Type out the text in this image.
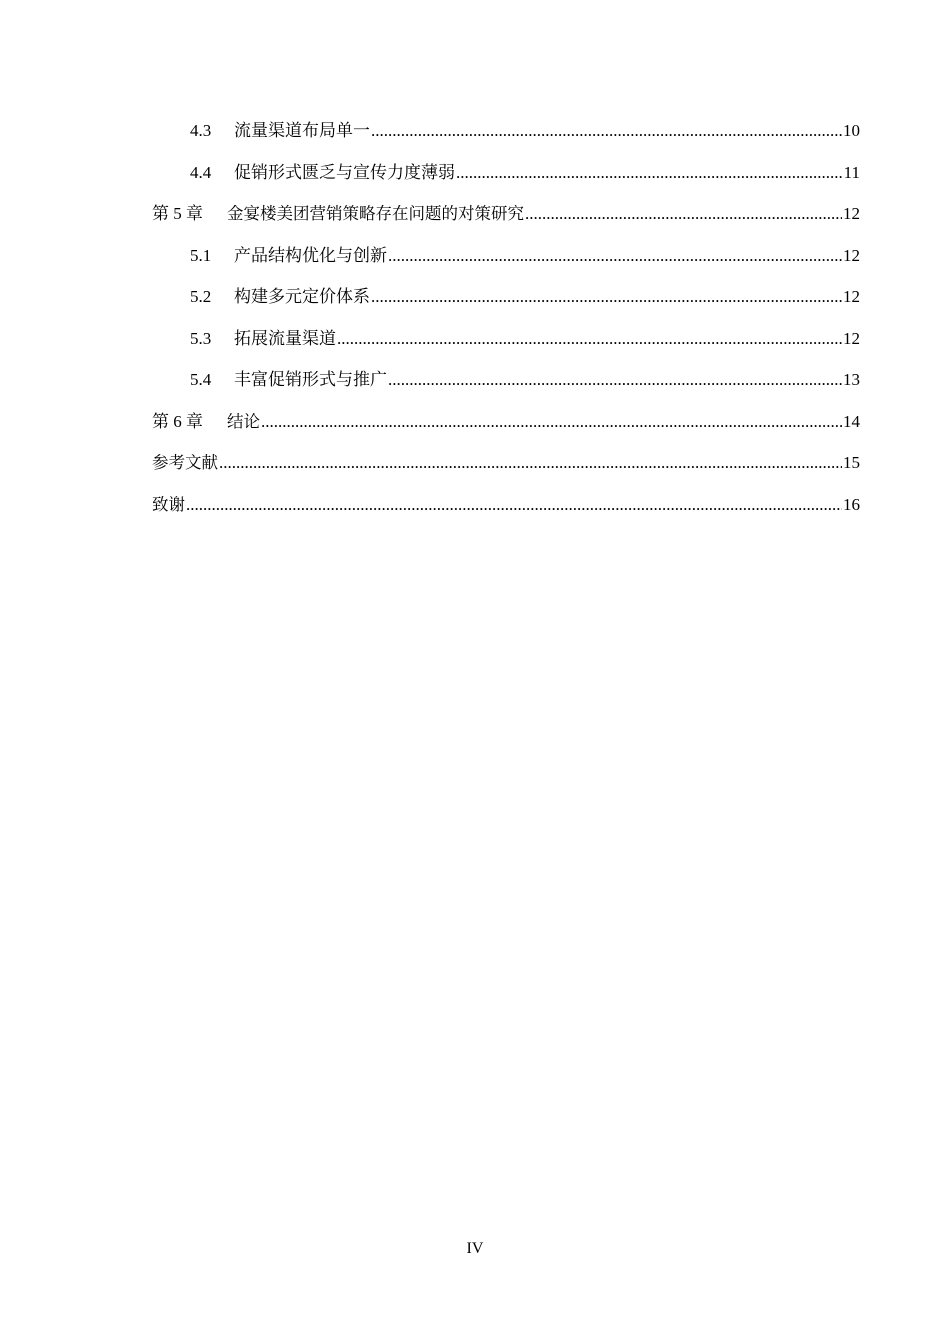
4.3	流量渠道布局单一 .....	10
4.4	促销形式匮乏与宣传力度薄弱 .....	11
第 5 章	金宴楼美团营销策略存在问题的对策研究 .....	12
5.1	产品结构优化与创新 .....	12
5.2	构建多元定价体系 .....	12
5.3	拓展流量渠道 .....	12
5.4	丰富促销形式与推广 .....	13
第 6 章	结论 .....	14
参考文献 .....	15
致谢 .....	16
IV
